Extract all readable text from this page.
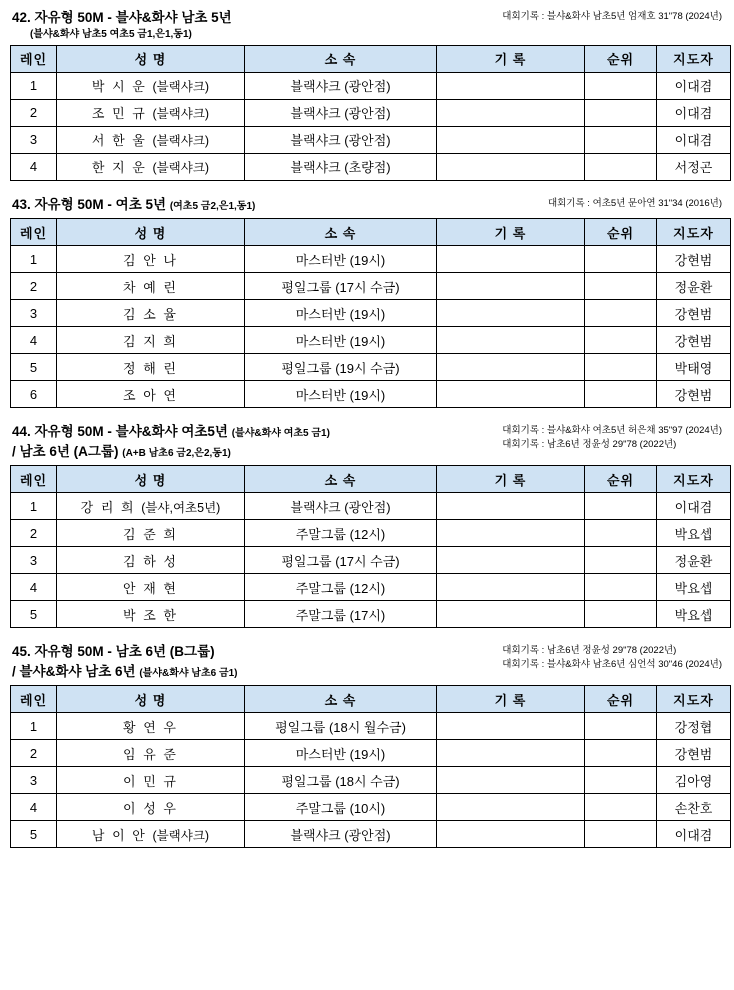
42. 자유형 50M - 블샤&화샤 남초 5년
(블샤&화샤 남초5 여초5 금1,은1,동1)
대회기록 : 블샤&화샤 남초5년 엄재호 31"78 (2024년)
레인	성 명	소 속	기 록	순위	지도자
1	박 시 운 (블랙샤크)	블랙샤크 (광안점)			이대겸
2	조 민 규 (블랙샤크)	블랙샤크 (광안점)			이대겸
3	서 한 울 (블랙샤크)	블랙샤크 (광안점)			이대겸
4	한 지 운 (블랙샤크)	블랙샤크 (초량점)			서정곤
43. 자유형 50M - 여초 5년 (여초5 금2,은1,동1)	대회기록 : 여초5년 문아연 31"34 (2016년)
레인	성 명	소 속	기 록	순위	지도자
1	김 안 나	마스터반 (19시)			강현범
2	차 예 린	평일그룹 (17시 수금)			정윤환
3	김 소 율	마스터반 (19시)			강현범
4	김 지 희	마스터반 (19시)			강현범
5	정 해 린	평일그룹 (19시 수금)			박태영
6	조 아 연	마스터반 (19시)			강현범
44. 자유형 50M - 블샤&화샤 여초5년 (블샤&화샤 여초5 금1)
/ 남초 6년 (A그룹) (A+B 남초6 금2,은2,동1)
대회기록 : 블샤&화샤 여초5년 허은채 35"97 (2024년)
대회기록 : 남초6년 정윤성 29"78 (2022년)
레인	성 명	소 속	기 록	순위	지도자
1	강 리 희 (블샤,여초5년)	블랙샤크 (광안점)			이대겸
2	김 준 희	주말그룹 (12시)			박요셉
3	김 하 성	평일그룹 (17시 수금)			정윤환
4	안 재 현	주말그룹 (12시)			박요셉
5	박 조 한	주말그룹 (17시)			박요셉
45. 자유형 50M - 남초 6년 (B그룹)
/ 블샤&화샤 남초 6년 (블샤&화샤 남초6 금1)
대회기록 : 남초6년 정윤성 29"78 (2022년)
대회기록 : 블샤&화샤 남초6년 심언석 30"46 (2024년)
레인	성 명	소 속	기 록	순위	지도자
1	황 연 우	평일그룹 (18시 월수금)			강정협
2	임 유 준	마스터반 (19시)			강현범
3	이 민 규	평일그룹 (18시 수금)			김아영
4	이 성 우	주말그룹 (10시)			손찬호
5	남 이 안 (블랙샤크)	블랙샤크 (광안점)			이대겸
